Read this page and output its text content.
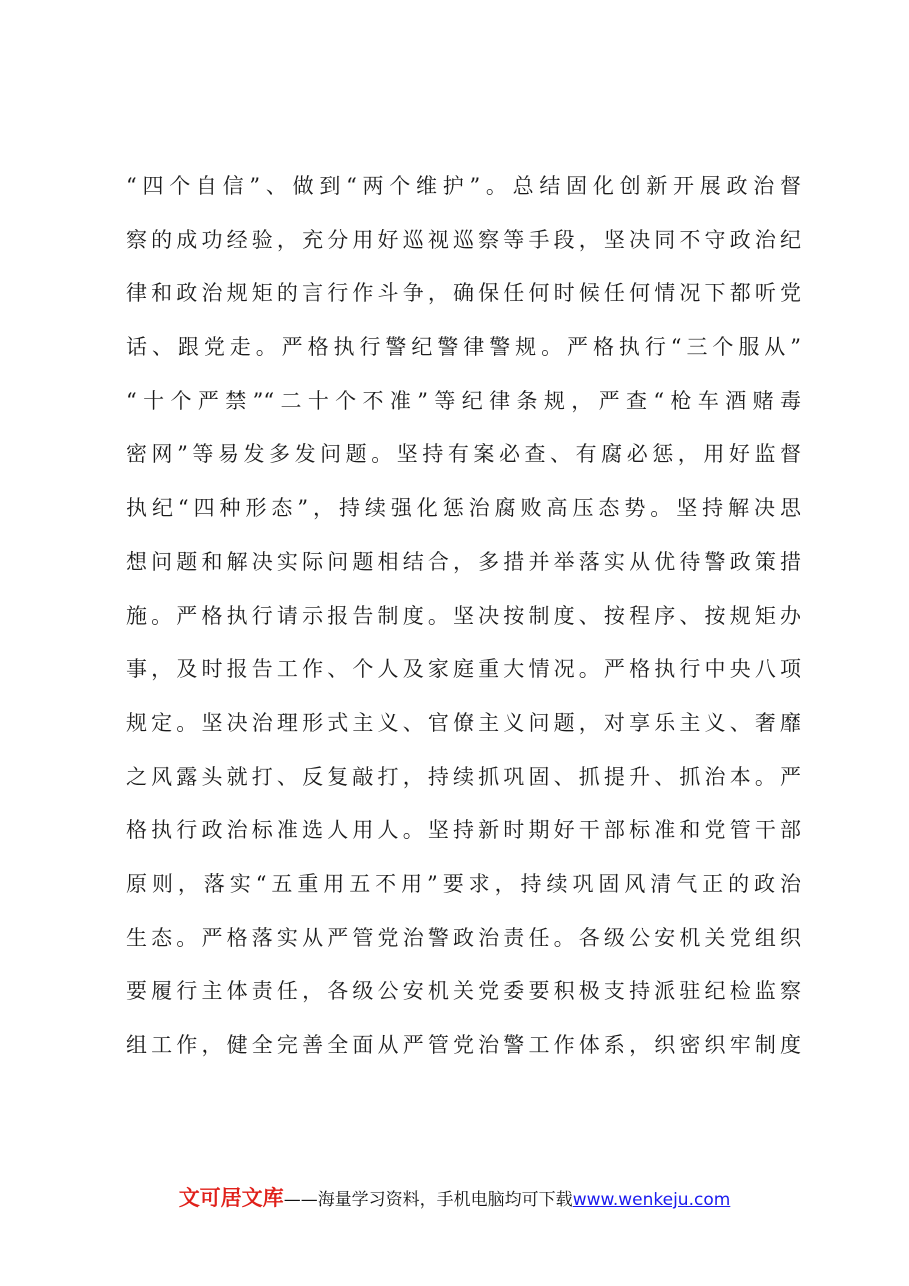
“四个自信”、做到“两个维护”。总结固化创新开展政治督
察的成功经验，充分用好巡视巡察等手段，坚决同不守政治纪
律和政治规矩的言行作斗争，确保任何时候任何情况下都听党
话、跟党走。严格执行警纪警律警规。严格执行“三个服从”
“十个严禁”“二十个不准”等纪律条规，严查“枪车酒赌毒
密网”等易发多发问题。坚持有案必查、有腐必惩，用好监督
执纪“四种形态”，持续强化惩治腐败高压态势。坚持解决思
想问题和解决实际问题相结合，多措并举落实从优待警政策措
施。严格执行请示报告制度。坚决按制度、按程序、按规矩办
事，及时报告工作、个人及家庭重大情况。严格执行中央八项
规定。坚决治理形式主义、官僚主义问题，对享乐主义、奢靡
之风露头就打、反复敲打，持续抓巩固、抓提升、抓治本。严
格执行政治标准选人用人。坚持新时期好干部标准和党管干部
原则，落实“五重用五不用”要求，持续巩固风清气正的政治
生态。严格落实从严管党治警政治责任。各级公安机关党组织
要履行主体责任，各级公安机关党委要积极支持派驻纪检监察
组工作，健全完善全面从严管党治警工作体系，织密织牢制度
文可居文库——海量学习资料，手机电脑均可下载www.wenkeju.com
